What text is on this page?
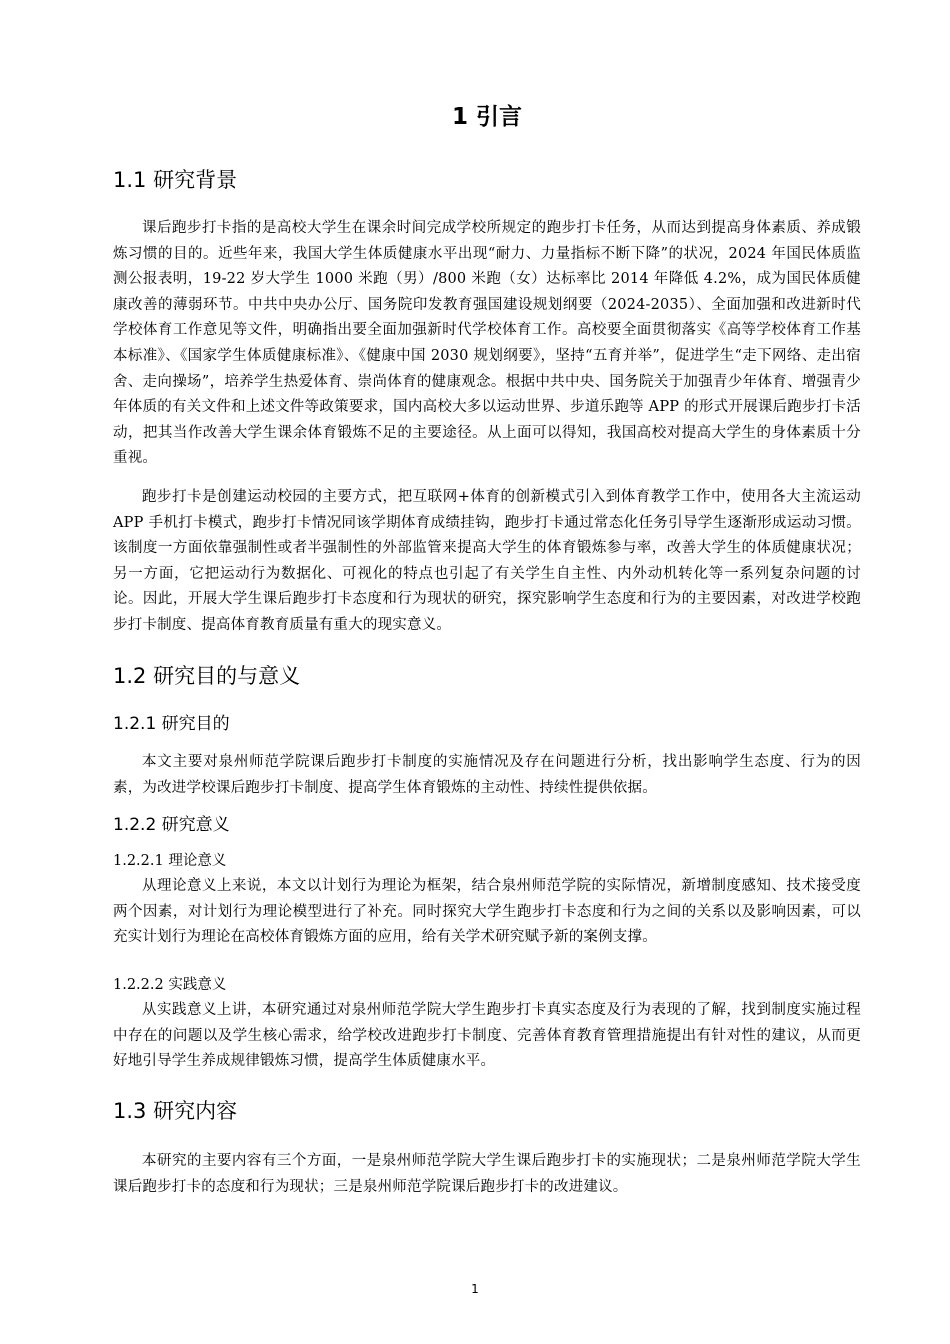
1 引言
1.1 研究背景

课后跑步打卡指的是高校大学生在课余时间完成学校所规定的跑步打卡任务，从而达到提高身体素质、养成锻炼习惯的目的。近些年来，我国大学生体质健康水平出现“耐力、力量指标不断下降”的状况，2024 年国民体质监测公报表明，19-22 岁大学生 1000 米跑（男）/800 米跑（女）达标率比 2014 年降低 4.2%，成为国民体质健康改善的薄弱环节。中共中央办公厅、国务院印发教育强国建设规划纲要（2024-2035）、全面加强和改进新时代学校体育工作意见等文件，明确指出要全面加强新时代学校体育工作。高校要全面贯彻落实《高等学校体育工作基本标准》、《国家学生体质健康标准》、《健康中国 2030 规划纲要》，坚持“五育并举”，促进学生“走下网络、走出宿舍、走向操场”，培养学生热爱体育、崇尚体育的健康观念。根据中共中央、国务院关于加强青少年体育、增强青少年体质的有关文件和上述文件等政策要求，国内高校大多以运动世界、步道乐跑等 APP 的形式开展课后跑步打卡活动，把其当作改善大学生课余体育锻炼不足的主要途径。从上面可以得知，我国高校对提高大学生的身体素质十分重视。

跑步打卡是创建运动校园的主要方式，把互联网+体育的创新模式引入到体育教学工作中，使用各大主流运动 APP 手机打卡模式，跑步打卡情况同该学期体育成绩挂钩，跑步打卡通过常态化任务引导学生逐渐形成运动习惯。该制度一方面依靠强制性或者半强制性的外部监管来提高大学生的体育锻炼参与率，改善大学生的体质健康状况；另一方面，它把运动行为数据化、可视化的特点也引起了有关学生自主性、内外动机转化等一系列复杂问题的讨论。因此，开展大学生课后跑步打卡态度和行为现状的研究，探究影响学生态度和行为的主要因素，对改进学校跑步打卡制度、提高体育教育质量有重大的现实意义。

1.2 研究目的与意义
1.2.1 研究目的

本文主要对泉州师范学院课后跑步打卡制度的实施情况及存在问题进行分析，找出影响学生态度、行为的因素，为改进学校课后跑步打卡制度、提高学生体育锻炼的主动性、持续性提供依据。

1.2.2 研究意义
1.2.2.1 理论意义

从理论意义上来说，本文以计划行为理论为框架，结合泉州师范学院的实际情况，新增制度感知、技术接受度两个因素，对计划行为理论模型进行了补充。同时探究大学生跑步打卡态度和行为之间的关系以及影响因素，可以充实计划行为理论在高校体育锻炼方面的应用，给有关学术研究赋予新的案例支撑。

1.2.2.2 实践意义

从实践意义上讲，本研究通过对泉州师范学院大学生跑步打卡真实态度及行为表现的了解，找到制度实施过程中存在的问题以及学生核心需求，给学校改进跑步打卡制度、完善体育教育管理措施提出有针对性的建议，从而更好地引导学生养成规律锻炼习惯，提高学生体质健康水平。

1.3 研究内容

本研究的主要内容有三个方面，一是泉州师范学院大学生课后跑步打卡的实施现状；二是泉州师范学院大学生课后跑步打卡的态度和行为现状；三是泉州师范学院课后跑步打卡的改进建议。

1
